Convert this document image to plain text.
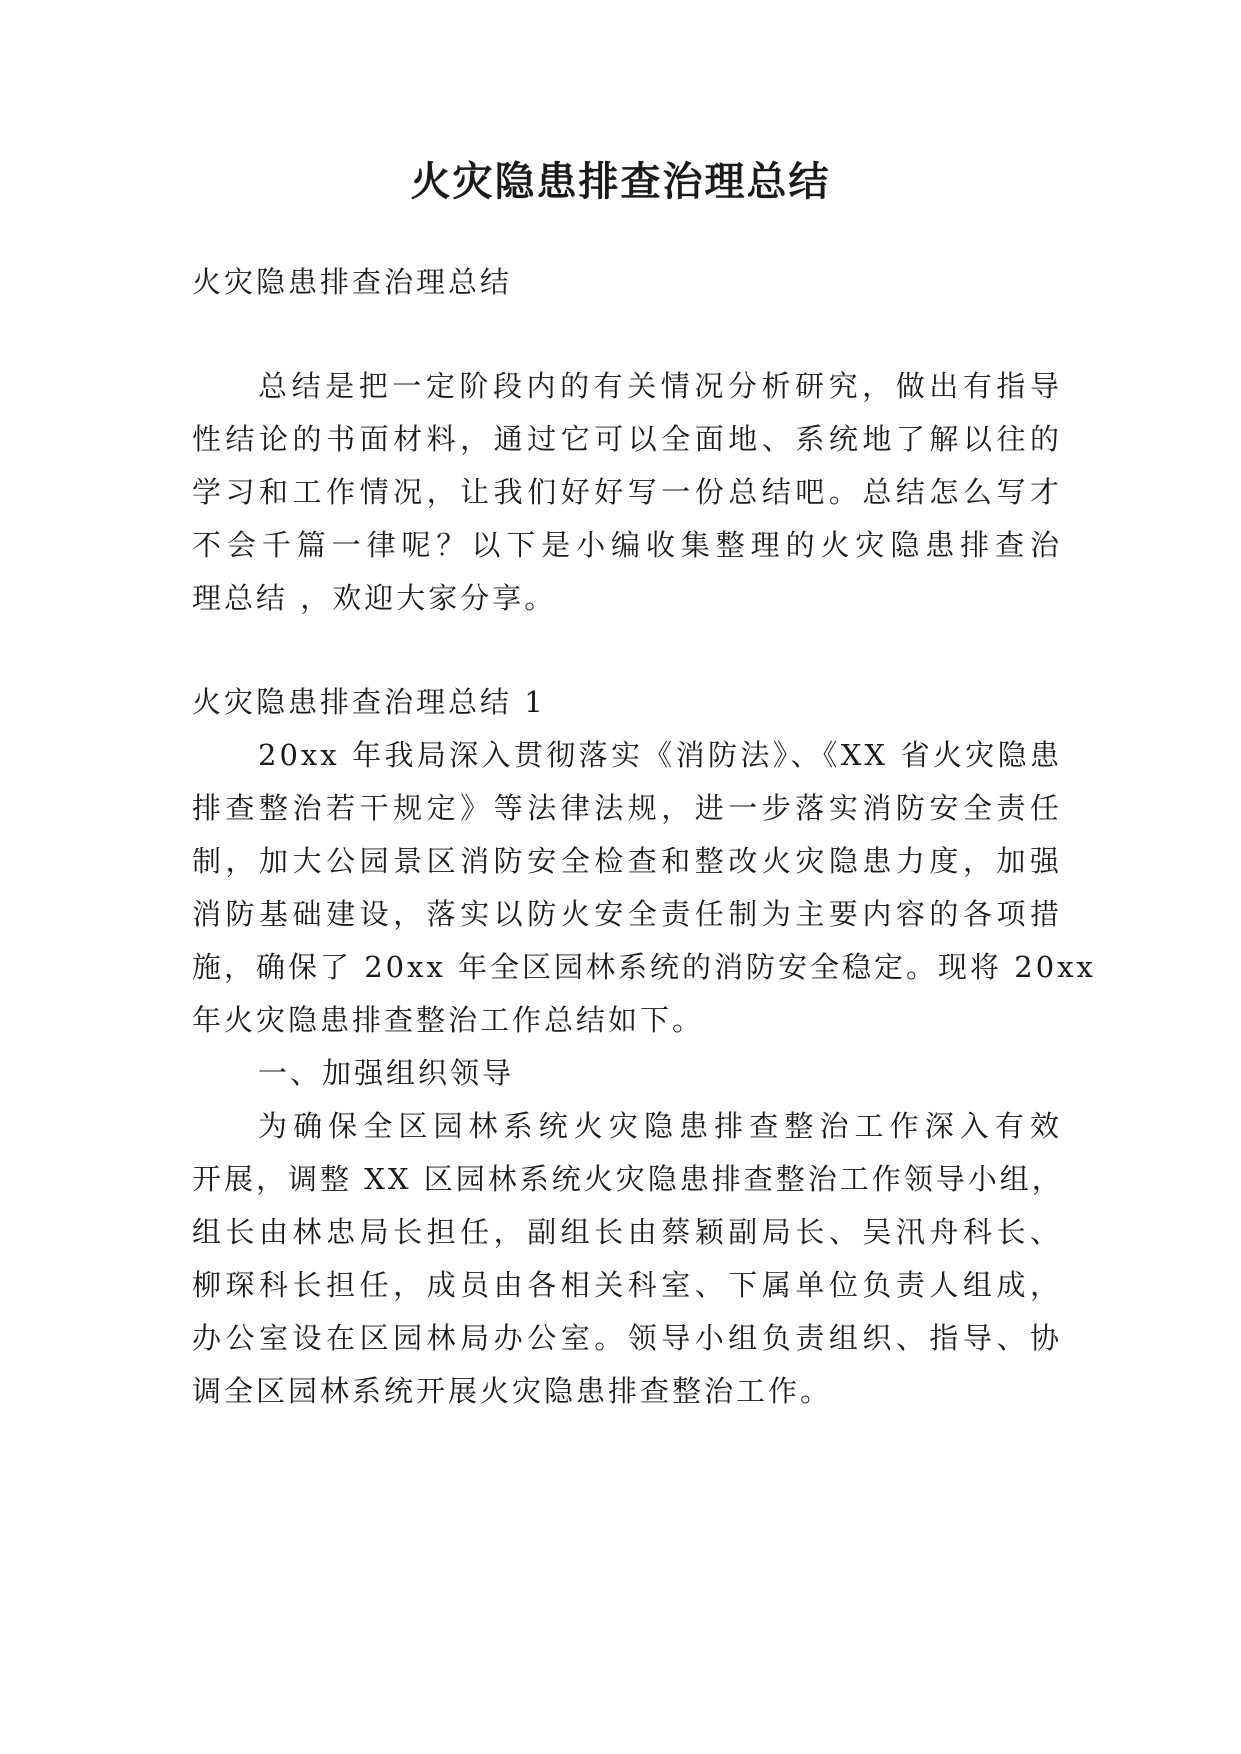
火灾隐患排查治理总结
火灾隐患排查治理总结
总结是把一定阶段内的有关情况分析研究，做出有指导
性结论的书面材料，通过它可以全面地、系统地了解以往的
学习和工作情况，让我们好好写一份总结吧。总结怎么写才
不会千篇一律呢？以下是小编收集整理的火灾隐患排查治
理总结 ，欢迎大家分享。
火灾隐患排查治理总结 1
20xx 年我局深入贯彻落实《消防法》、《XX 省火灾隐患
排查整治若干规定》等法律法规，进一步落实消防安全责任
制，加大公园景区消防安全检查和整改火灾隐患力度，加强
消防基础建设，落实以防火安全责任制为主要内容的各项措
施，确保了 20xx 年全区园林系统的消防安全稳定。现将 20xx
年火灾隐患排查整治工作总结如下。
一、加强组织领导
为确保全区园林系统火灾隐患排查整治工作深入有效
开展，调整 XX 区园林系统火灾隐患排查整治工作领导小组，
组长由林忠局长担任，副组长由蔡颖副局长、吴汛舟科长、
柳琛科长担任，成员由各相关科室、下属单位负责人组成，
办公室设在区园林局办公室。领导小组负责组织、指导、协
调全区园林系统开展火灾隐患排查整治工作。
